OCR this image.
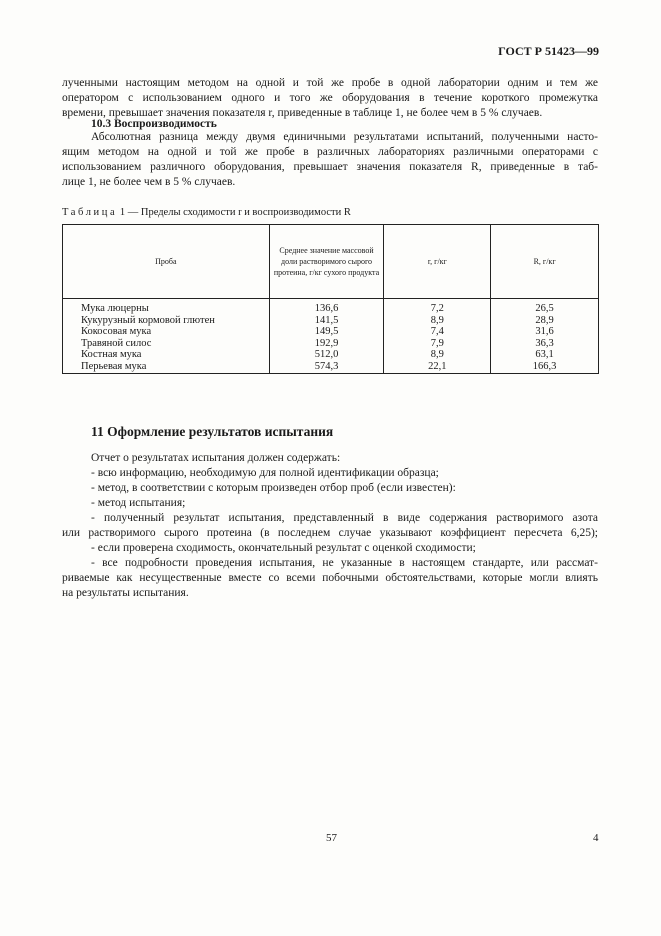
ГОСТ Р 51423—99
лученными настоящим методом на одной и той же пробе в одной лаборатории одним и тем же
оператором с использованием одного и того же оборудования в течение короткого промежутка
времени, превышает значения показателя r, приведенные в таблице 1, не более чем в 5 % случаев.
10.3 Воспроизводимость
Абсолютная разница между двумя единичными результатами испытаний, полученными насто-
ящим методом на одной и той же пробе в различных лабораториях различными операторами с
использованием различного оборудования, превышает значения показателя R, приведенные в таб-
лице 1, не более чем в 5 % случаев.
Таблица 1 — Пределы сходимости r и воспроизводимости R
Проба	Среднее значение массовой доли растворимого сырого протеина, г/кг сухого продукта	r, г/кг	R, г/кг
Мука люцерны	136,6	7,2	26,5
Кукурузный кормовой глютен	141,5	8,9	28,9
Кокосовая мука	149,5	7,4	31,6
Травяной силос	192,9	7,9	36,3
Костная мука	512,0	8,9	63,1
Перьевая мука	574,3	22,1	166,3
11 Оформление результатов испытания
Отчет о результатах испытания должен содержать:
- всю информацию, необходимую для полной идентификации образца;
- метод, в соответствии с которым произведен отбор проб (если известен):
- метод испытания;
- полученный результат испытания, представленный в виде содержания растворимого азота
или растворимого сырого протеина (в последнем случае указывают коэффициент пересчета 6,25);
- если проверена сходимость, окончательный результат с оценкой сходимости;
- все подробности проведения испытания, не указанные в настоящем стандарте, или рассмат-
риваемые как несущественные вместе со всеми побочными обстоятельствами, которые могли влиять
на результаты испытания.
57	4
